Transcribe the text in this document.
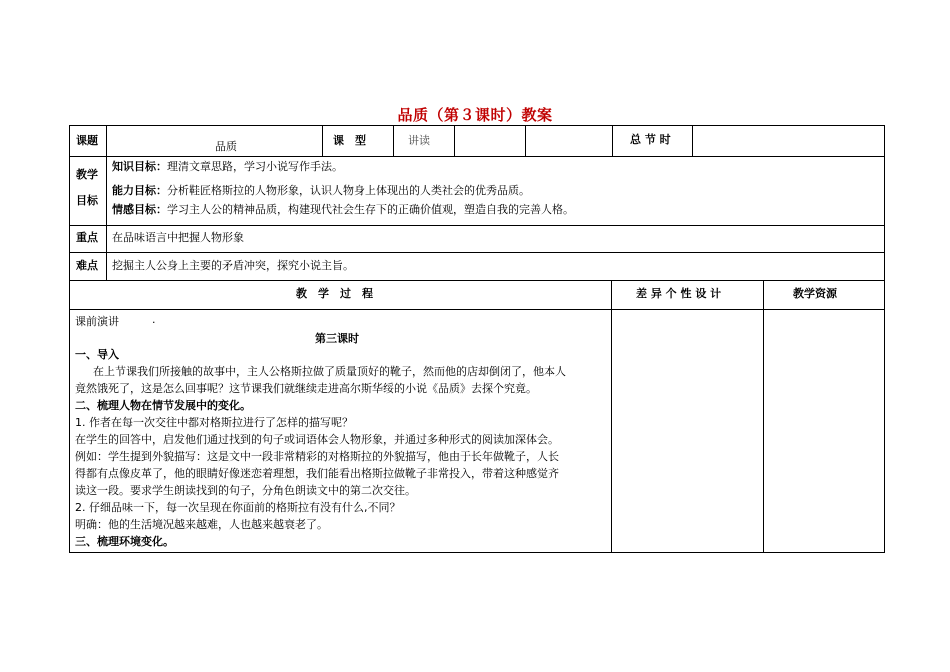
品质（第３课时）教案
课题	品质	课　型	讲读	总 节 时
教学
目标
知识目标：理清文章思路，学习小说写作手法。
能力目标：分析鞋匠格斯拉的人物形象，认识人物身上体现出的人类社会的优秀品质。
情感目标：学习主人公的精神品质，构建现代社会生存下的正确价值观，塑造自我的完善人格。
重点 在品味语言中把握人物形象
难点 挖掘主人公身上主要的矛盾冲突，探究小说主旨。
教　学　过　程	差 异 个 性 设 计	教学资源
课前演讲	.
第三课时
一、导入
在上节课我们所接触的故事中，主人公格斯拉做了质量顶好的靴子，然而他的店却倒闭了，他本人
竟然饿死了，这是怎么回事呢？这节课我们就继续走进高尔斯华绥的小说《品质》去探个究竟。
二、梳理人物在情节发展中的变化。
1. 作者在每一次交往中都对格斯拉进行了怎样的描写呢？
在学生的回答中，启发他们通过找到的句子或词语体会人物形象，并通过多种形式的阅读加深体会。
例如：学生提到外貌描写：这是文中一段非常精彩的对格斯拉的外貌描写，他由于长年做靴子，人长
得都有点像皮革了，他的眼睛好像迷恋着理想，我们能看出格斯拉做靴子非常投入，带着这种感觉齐
读这一段。要求学生朗读找到的句子，分角色朗读文中的第二次交往。
2. 仔细品味一下，每一次呈现在你面前的格斯拉有没有什么,不同？
明确：他的生活境况越来越难，人也越来越衰老了。
三、梳理环境变化。
